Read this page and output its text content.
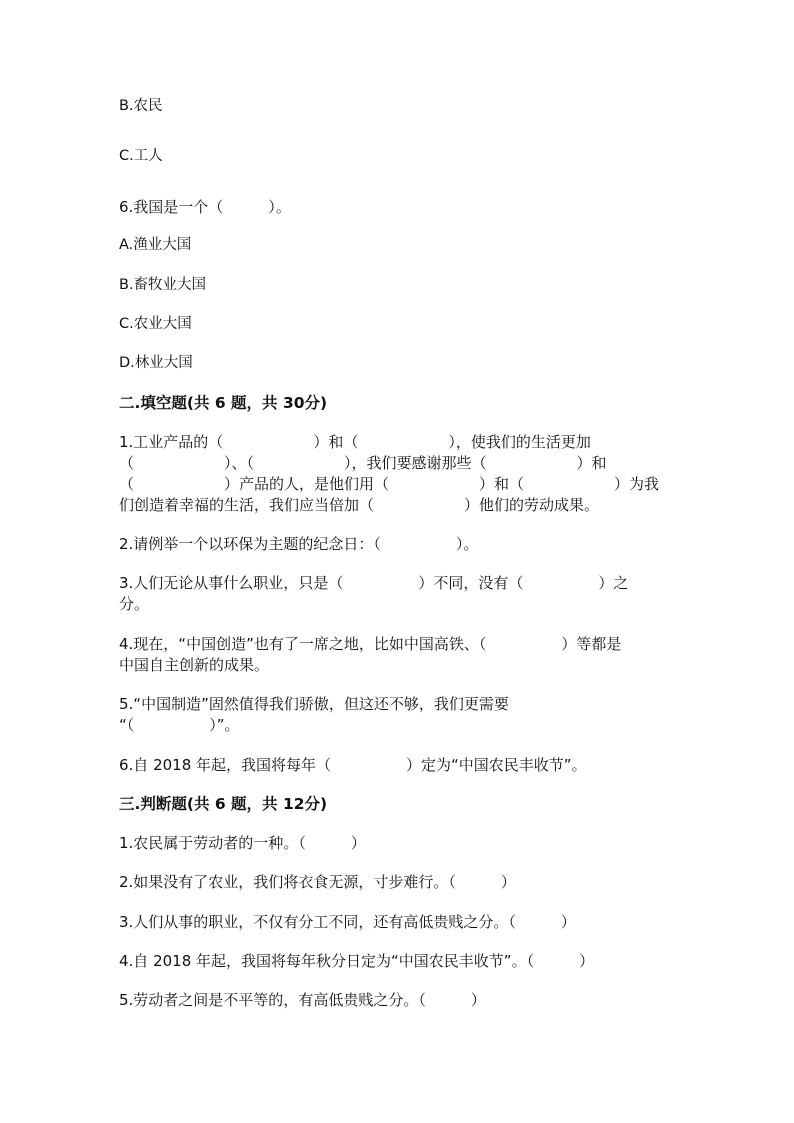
B.农民
C.工人
6.我国是一个（　　　）。
A.渔业大国
B.畜牧业大国
C.农业大国
D.林业大国
二.填空题(共 6 题，共 30分)
1.工业产品的（　　　　　　）和（　　　　　　），使我们的生活更加
（　　　　　　）、（　　　　　　），我们要感谢那些（　　　　　　）和
（　　　　　　）产品的人，是他们用（　　　　　　）和（　　　　　　）为我
们创造着幸福的生活，我们应当倍加（　　　　　　）他们的劳动成果。
2.请例举一个以环保为主题的纪念日：（　　　　　）。
3.人们无论从事什么职业，只是（　　　　　）不同，没有（　　　　　）之
分。
4.现在，“中国创造”也有了一席之地，比如中国高铁、（　　　　　）等都是
中国自主创新的成果。
5.“中国制造”固然值得我们骄傲，但这还不够，我们更需要
“（　　　　　）”。
6.自 2018 年起，我国将每年（　　　　　）定为“中国农民丰收节”。
三.判断题(共 6 题，共 12分)
1.农民属于劳动者的一种。（　　　）
2.如果没有了农业，我们将衣食无源，寸步难行。（　　　）
3.人们从事的职业，不仅有分工不同，还有高低贵贱之分。（　　　）
4.自 2018 年起，我国将每年秋分日定为“中国农民丰收节”。（　　　）
5.劳动者之间是不平等的，有高低贵贱之分。（　　　）
